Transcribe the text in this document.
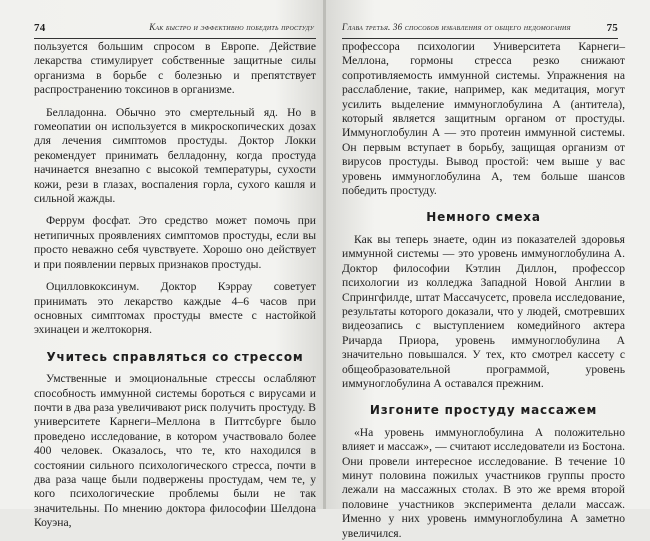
74	Как быстро и эффективно победить простуду

пользуется большим спросом в Европе. Действие лекарства стимулирует собственные защитные силы организма в борьбе с болезнью и препятствует распространению токсинов в организме.

Белладонна. Обычно это смертельный яд. Но в гомеопатии он используется в микроскопических дозах для лечения симптомов простуды. Доктор Локки рекомендует принимать белладонну, когда простуда начинается внезапно с высокой температуры, сухости кожи, рези в глазах, воспаления горла, сухого кашля и сильной жажды.

Феррум фосфат. Это средство может помочь при нетипичных проявлениях симптомов простуды, если вы просто неважно себя чувствуете. Хорошо оно действует и при появлении первых признаков простуды.

Оцилловкоксинум. Доктор Кэррау советует принимать это лекарство каждые 4–6 часов при основных симптомах простуды вместе с настойкой эхинацеи и желтокорня.

Учитесь справляться со стрессом

Умственные и эмоциональные стрессы ослабляют способность иммунной системы бороться с вирусами и почти в два раза увеличивают риск получить простуду. В университете Карнеги–Меллона в Питтсбурге было проведено исследование, в котором участвовало более 400 человек. Оказалось, что те, кто находился в состоянии сильного психологического стресса, почти в два раза чаще были подвержены простудам, чем те, у кого психологические проблемы были не так значительны. По мнению доктора философии Шелдона Коуэна,

Глава третья. 36 способов избавления от общего недомогания	75

профессора психологии Университета Карнеги–Меллона, гормоны стресса резко снижают сопротивляемость иммунной системы. Упражнения на расслабление, такие, например, как медитация, могут усилить выделение иммуноглобулина А (антитела), который является защитным органом от простуды. Иммуноглобулин А — это протеин иммунной системы. Он первым вступает в борьбу, защищая организм от вирусов простуды. Вывод простой: чем выше у вас уровень иммуноглобулина А, тем больше шансов победить простуду.

Немного смеха

Как вы теперь знаете, один из показателей здоровья иммунной системы — это уровень иммуноглобулина А. Доктор философии Кэтлин Диллон, профессор психологии из колледжа Западной Новой Англии в Спрингфилде, штат Массачусетс, провела исследование, результаты которого доказали, что у людей, смотревших видеозапись с выступлением комедийного актера Ричарда Приора, уровень иммуноглобулина А значительно повышался. У тех, кто смотрел кассету с общеобразовательной программой, уровень иммуноглобулина А оставался прежним.

Изгоните простуду массажем

«На уровень иммуноглобулина А положительно влияет и массаж», — считают исследователи из Бостона. Они провели интересное исследование. В течение 10 минут половина пожилых участников группы просто лежали на массажных столах. В это же время второй половине участников эксперимента делали массаж. Именно у них уровень иммуноглобулина А заметно увеличился.
